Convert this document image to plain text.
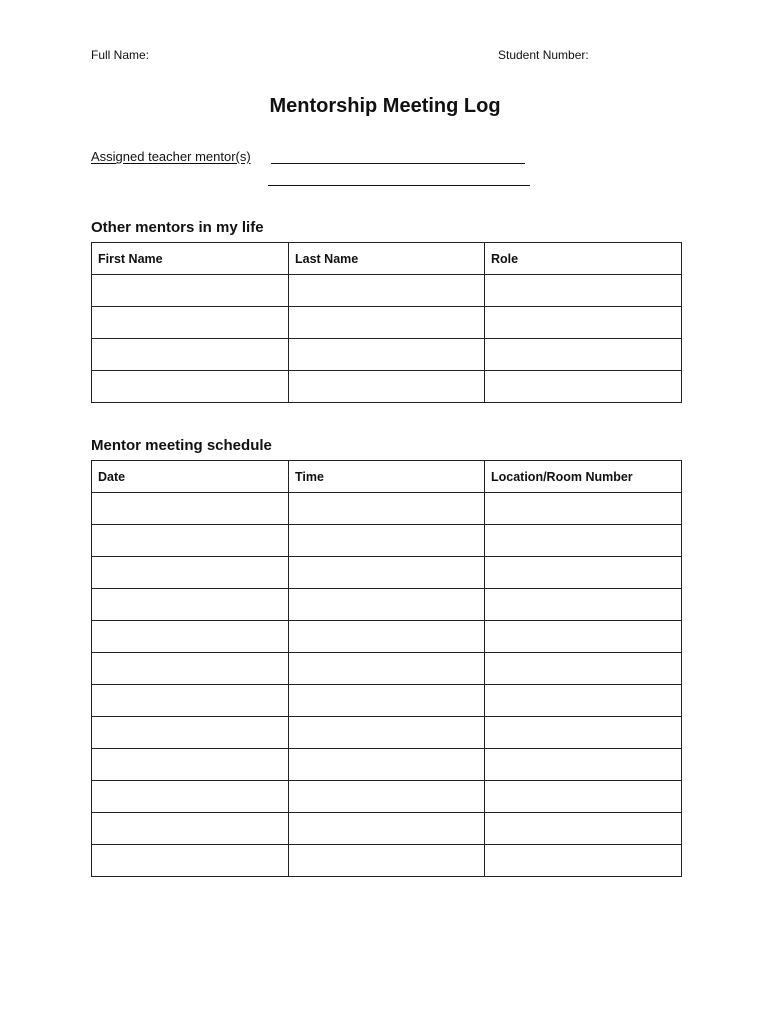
Full Name:	Student Number:
Mentorship Meeting Log
Assigned teacher mentor(s)
Other mentors in my life
First Name	Last Name	Role

Mentor meeting schedule
Date	Time	Location/Room Number
